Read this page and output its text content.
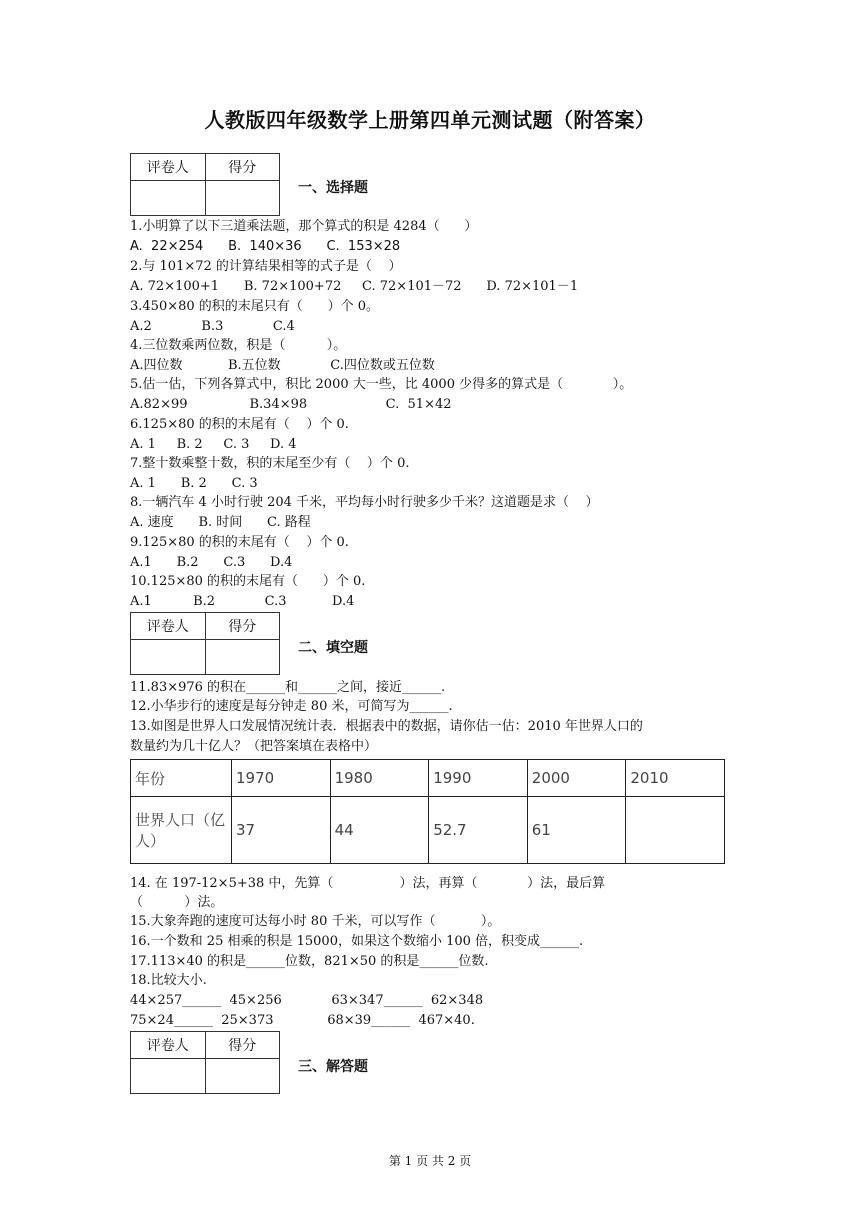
人教版四年级数学上册第四单元测试题（附答案）
评卷人	得分

一、选择题
1.小明算了以下三道乘法题，那个算式的积是 4284（      ）
A.  22×254      B.  140×36      C.  153×28
2.与 101×72 的计算结果相等的式子是（    ）
A. 72×100+1      B. 72×100+72     C. 72×101－72      D. 72×101－1
3.450×80 的积的末尾只有（      ）个 0。
A.2            B.3            C.4
4.三位数乘两位数，积是（          ）。
A.四位数           B.五位数            C.四位数或五位数
5.估一估，下列各算式中，积比 2000 大一些，比 4000 少得多的算式是（            ）。
A.82×99               B.34×98                   C.  51×42
6.125×80 的积的末尾有（    ）个 0.
A. 1     B. 2     C. 3     D. 4
7.整十数乘整十数，积的末尾至少有（    ）个 0.
A. 1      B. 2      C. 3
8.一辆汽车 4 小时行驶 204 千米，平均每小时行驶多少千米？这道题是求（    ）
A. 速度      B. 时间      C. 路程
9.125×80 的积的末尾有（    ）个 0.
A.1      B.2      C.3      D.4
10.125×80 的积的末尾有（      ）个 0.
A.1          B.2            C.3           D.4
评卷人	得分

二、填空题
11.83×976 的积在______和______之间，接近______.
12.小华步行的速度是每分钟走 80 米，可简写为______.
13.如图是世界人口发展情况统计表．根据表中的数据，请你估一估：2010 年世界人口的
数量约为几十亿人？（把答案填在表格中）
年份	1970	1980	1990	2000	2010
世界人口（亿人）	37	44	52.7	61	
14. 在 197-12×5+38 中，先算（                ）法，再算（            ）法，最后算
（          ）法。
15.大象奔跑的速度可达每小时 80 千米，可以写作（           ）。
16.一个数和 25 相乘的积是 15000，如果这个数缩小 100 倍，积变成______.
17.113×40 的积是______位数，821×50 的积是______位数.
18.比较大小.
44×257______  45×256            63×347______  62×348
75×24______  25×373             68×39______  467×40.
评卷人	得分

三、解答题
第 1 页 共 2 页
